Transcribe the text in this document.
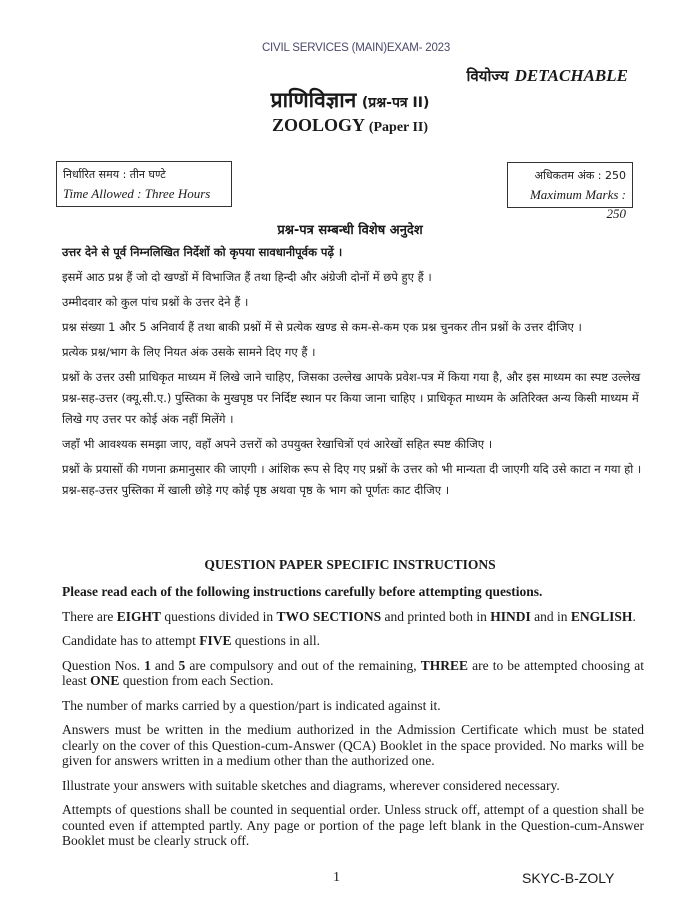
CIVIL SERVICES (MAIN)EXAM- 2023
वियोज्य DETACHABLE
प्राणिविज्ञान (प्रश्न-पत्र II)
ZOOLOGY (Paper II)
निर्धारित समय : तीन घण्टे
Time Allowed : Three Hours
अधिकतम अंक : 250
Maximum Marks : 250
प्रश्न-पत्र सम्बन्धी विशेष अनुदेश

उत्तर देने से पूर्व निम्नलिखित निर्देशों को कृपया सावधानीपूर्वक पढ़ें ।

इसमें आठ प्रश्न हैं जो दो खण्डों में विभाजित हैं तथा हिन्दी और अंग्रेजी दोनों में छपे हुए हैं ।

उम्मीदवार को कुल पांच प्रश्नों के उत्तर देने हैं ।

प्रश्न संख्या 1 और 5 अनिवार्य हैं तथा बाकी प्रश्नों में से प्रत्येक खण्ड से कम-से-कम एक प्रश्न चुनकर तीन प्रश्नों के उत्तर दीजिए ।

प्रत्येक प्रश्न/भाग के लिए नियत अंक उसके सामने दिए गए हैं ।

प्रश्नों के उत्तर उसी प्राधिकृत माध्यम में लिखे जाने चाहिए, जिसका उल्लेख आपके प्रवेश-पत्र में किया गया है, और इस माध्यम का स्पष्ट उल्लेख प्रश्न-सह-उत्तर (क्यू.सी.ए.) पुस्तिका के मुखपृष्ठ पर निर्दिष्ट स्थान पर किया जाना चाहिए । प्राधिकृत माध्यम के अतिरिक्त अन्य किसी माध्यम में लिखे गए उत्तर पर कोई अंक नहीं मिलेंगे ।

जहाँ भी आवश्यक समझा जाए, वहाँ अपने उत्तरों को उपयुक्त रेखाचित्रों एवं आरेखों सहित स्पष्ट कीजिए ।

प्रश्नों के प्रयासों की गणना क्रमानुसार की जाएगी । आंशिक रूप से दिए गए प्रश्नों के उत्तर को भी मान्यता दी जाएगी यदि उसे काटा न गया हो । प्रश्न-सह-उत्तर पुस्तिका में खाली छोड़े गए कोई पृष्ठ अथवा पृष्ठ के भाग को पूर्णतः काट दीजिए ।

QUESTION PAPER SPECIFIC INSTRUCTIONS

Please read each of the following instructions carefully before attempting questions.

There are EIGHT questions divided in TWO SECTIONS and printed both in HINDI and in ENGLISH.

Candidate has to attempt FIVE questions in all.

Question Nos. 1 and 5 are compulsory and out of the remaining, THREE are to be attempted choosing at least ONE question from each Section.

The number of marks carried by a question/part is indicated against it.

Answers must be written in the medium authorized in the Admission Certificate which must be stated clearly on the cover of this Question-cum-Answer (QCA) Booklet in the space provided. No marks will be given for answers written in a medium other than the authorized one.

Illustrate your answers with suitable sketches and diagrams, wherever considered necessary.

Attempts of questions shall be counted in sequential order. Unless struck off, attempt of a question shall be counted even if attempted partly. Any page or portion of the page left blank in the Question-cum-Answer Booklet must be clearly struck off.

1	SKYC-B-ZOLY
